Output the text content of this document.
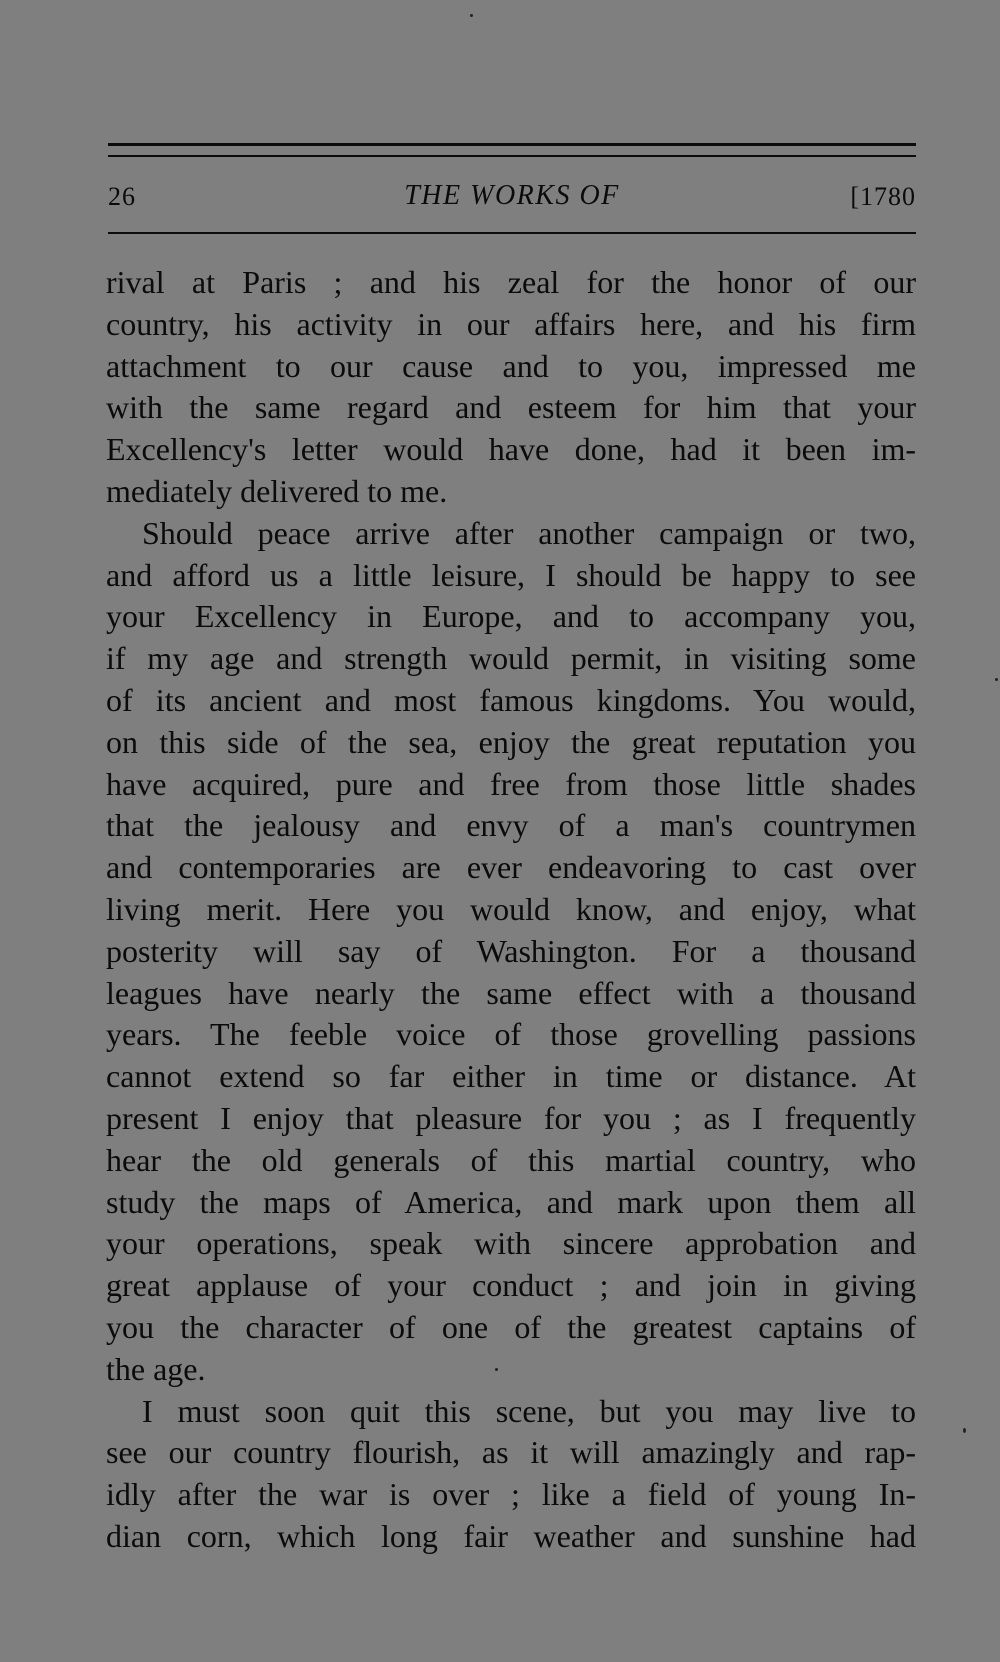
26	THE WORKS OF	[1780
rival at Paris ; and his zeal for the honor of our
country, his activity in our affairs here, and his firm
attachment to our cause and to you, impressed me
with the same regard and esteem for him that your
Excellency's letter would have done, had it been im-
mediately delivered to me.
Should peace arrive after another campaign or two,
and afford us a little leisure, I should be happy to see
your Excellency in Europe, and to accompany you,
if my age and strength would permit, in visiting some
of its ancient and most famous kingdoms. You would,
on this side of the sea, enjoy the great reputation you
have acquired, pure and free from those little shades
that the jealousy and envy of a man's countrymen
and contemporaries are ever endeavoring to cast over
living merit. Here you would know, and enjoy, what
posterity will say of Washington. For a thousand
leagues have nearly the same effect with a thousand
years. The feeble voice of those grovelling passions
cannot extend so far either in time or distance. At
present I enjoy that pleasure for you ; as I frequently
hear the old generals of this martial country, who
study the maps of America, and mark upon them all
your operations, speak with sincere approbation and
great applause of your conduct ; and join in giving
you the character of one of the greatest captains of
the age.
I must soon quit this scene, but you may live to
see our country flourish, as it will amazingly and rap-
idly after the war is over ; like a field of young In-
dian corn, which long fair weather and sunshine had
